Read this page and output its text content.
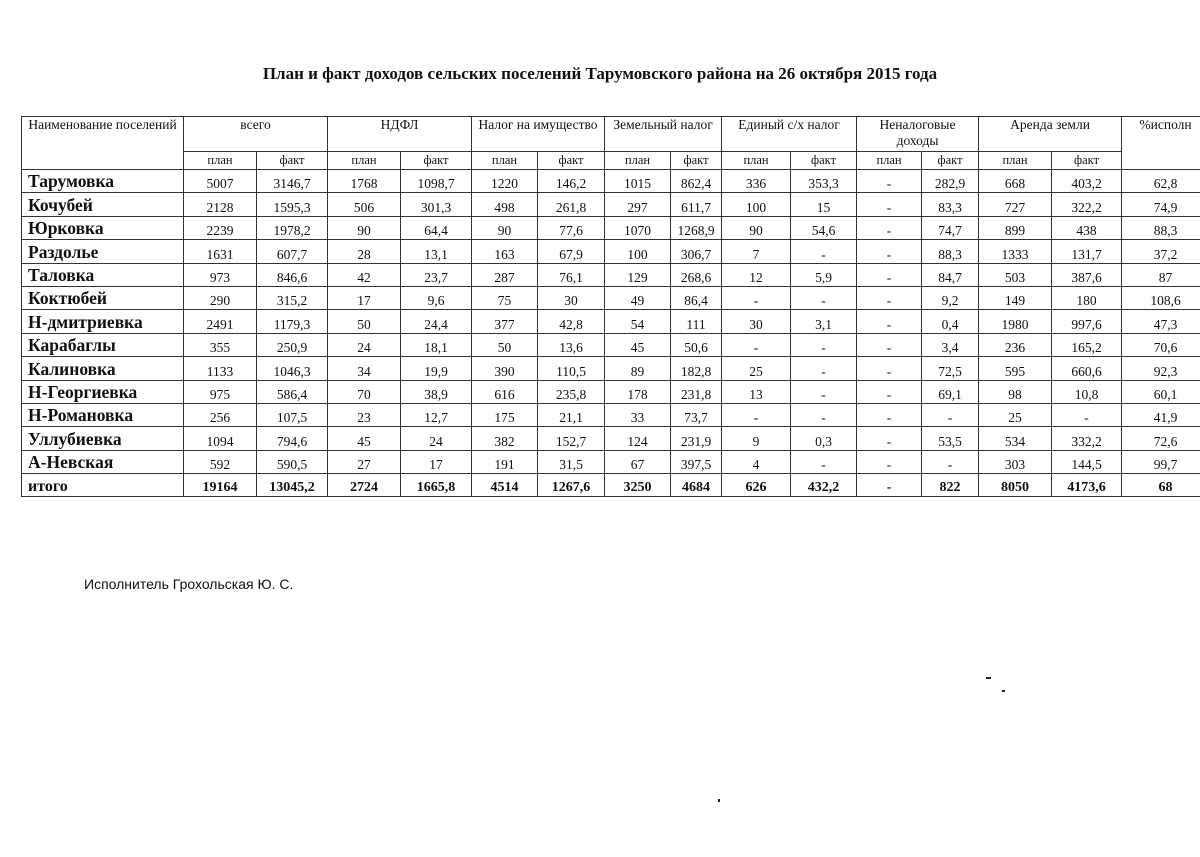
План и факт доходов сельских поселений Тарумовского района на 26 октября 2015 года
Наименование поселений	всего		НДФЛ		Налог на имущество		Земельный налог		Единый с/х налог		Неналоговые доходы		Аренда земли		%исполн
	план	факт	план	факт	план	факт	план	факт	план	факт	план	факт	план	факт	
Тарумовка	5007	3146,7	1768	1098,7	1220	146,2	1015	862,4	336	353,3	-	282,9	668	403,2	62,8
Кочубей	2128	1595,3	506	301,3	498	261,8	297	611,7	100	15	-	83,3	727	322,2	74,9
Юрковка	2239	1978,2	90	64,4	90	77,6	1070	1268,9	90	54,6	-	74,7	899	438	88,3
Раздолье	1631	607,7	28	13,1	163	67,9	100	306,7	7	-	-	88,3	1333	131,7	37,2
Таловка	973	846,6	42	23,7	287	76,1	129	268,6	12	5,9	-	84,7	503	387,6	87
Коктюбей	290	315,2	17	9,6	75	30	49	86,4	-	-	-	9,2	149	180	108,6
Н-дмитриевка	2491	1179,3	50	24,4	377	42,8	54	111	30	3,1	-	0,4	1980	997,6	47,3
Карабаглы	355	250,9	24	18,1	50	13,6	45	50,6	-	-	-	3,4	236	165,2	70,6
Калиновка	1133	1046,3	34	19,9	390	110,5	89	182,8	25	-	-	72,5	595	660,6	92,3
Н-Георгиевка	975	586,4	70	38,9	616	235,8	178	231,8	13	-	-	69,1	98	10,8	60,1
Н-Романовка	256	107,5	23	12,7	175	21,1	33	73,7	-	-	-	-	25	-	41,9
Уллубиевка	1094	794,6	45	24	382	152,7	124	231,9	9	0,3	-	53,5	534	332,2	72,6
А-Невская	592	590,5	27	17	191	31,5	67	397,5	4	-	-	-	303	144,5	99,7
итого	19164	13045,2	2724	1665,8	4514	1267,6	3250	4684	626	432,2	-	822	8050	4173,6	68
Исполнитель Грохольская Ю. С.
